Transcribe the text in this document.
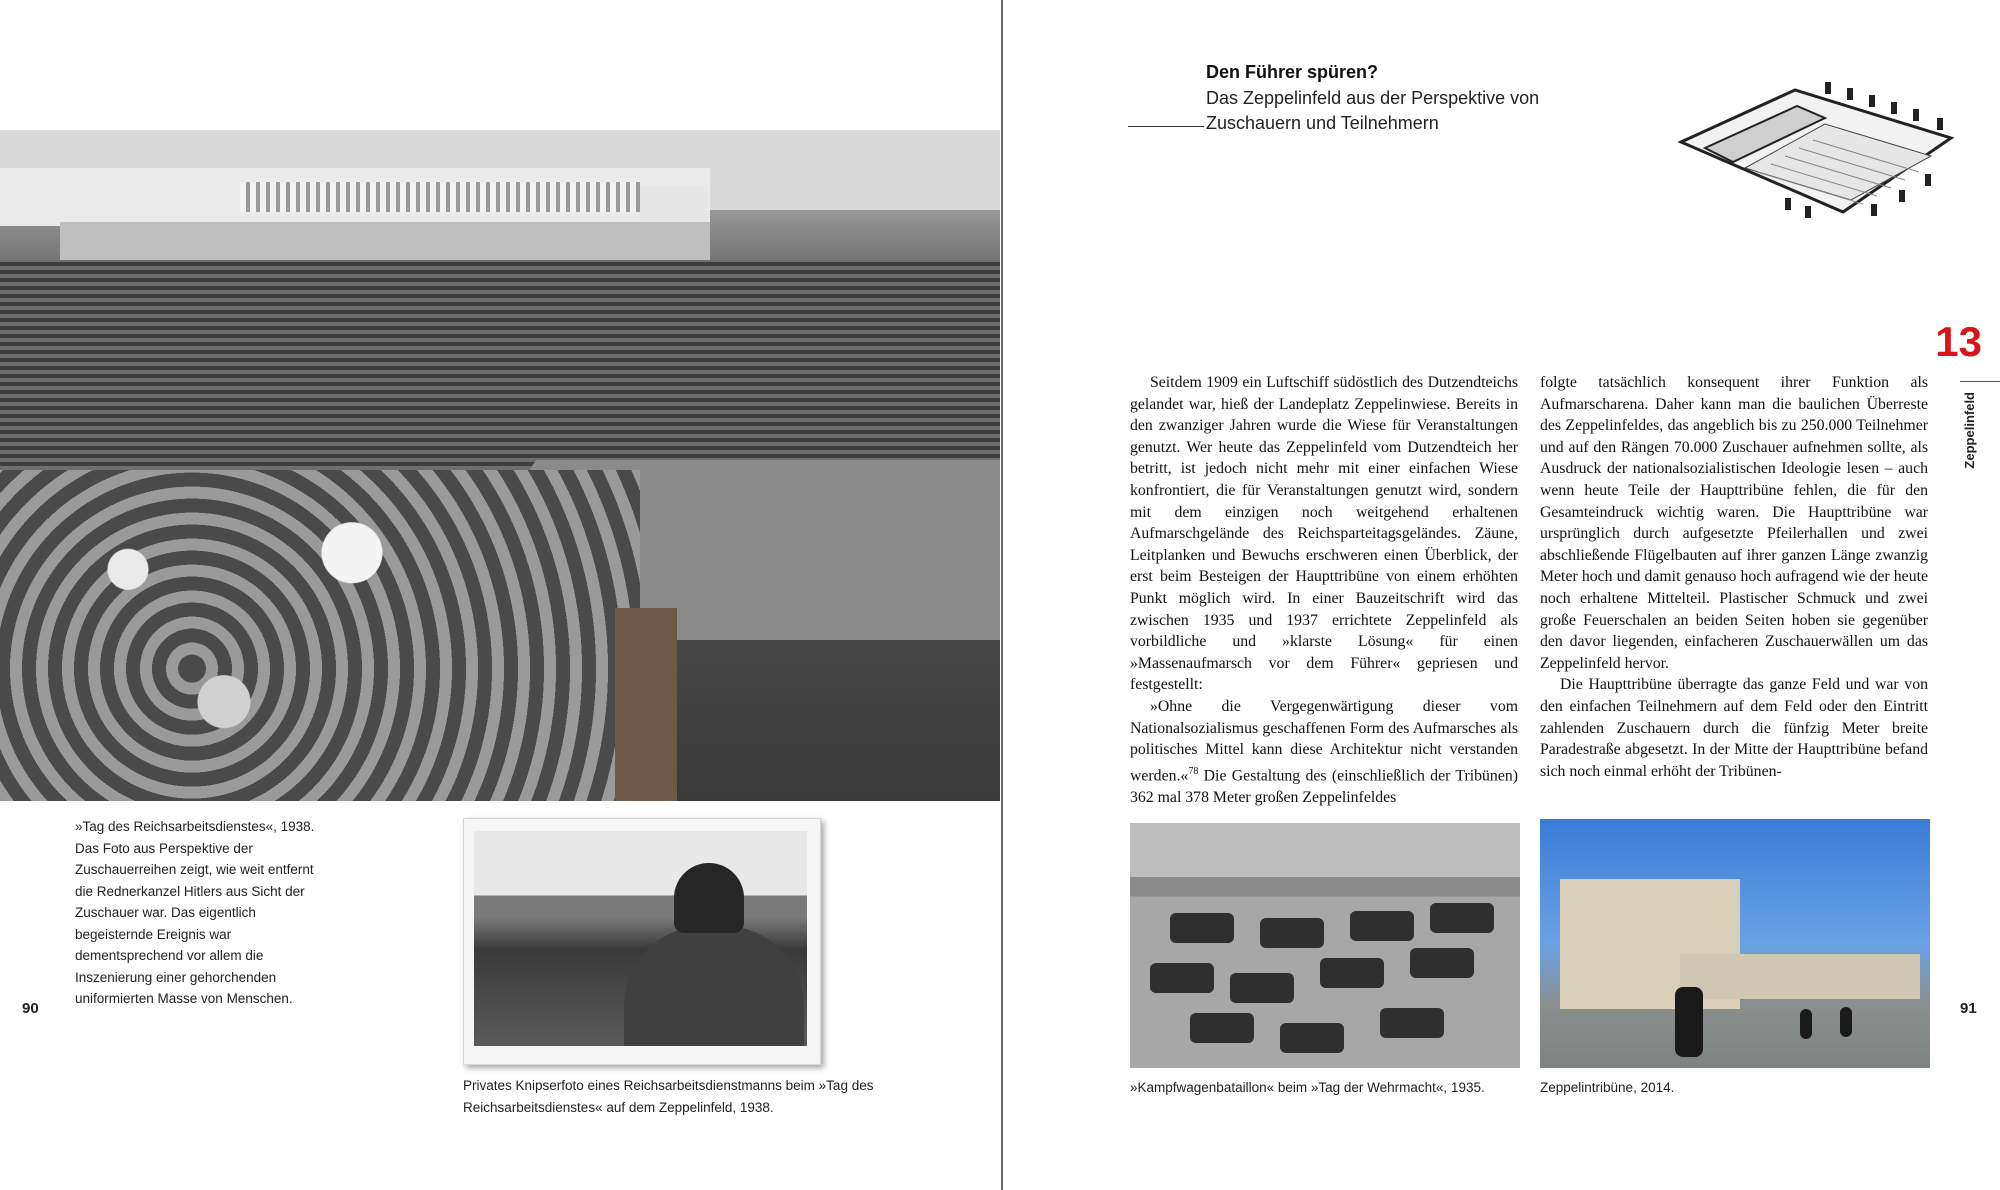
»Tag des Reichsarbeitsdienstes«, 1938. Das Foto aus Perspektive der Zuschauerreihen zeigt, wie weit entfernt die Rednerkanzel Hitlers aus Sicht der Zuschauer war. Das eigentlich begeisternde Ereignis war dementsprechend vor allem die Inszenierung einer gehorchenden uniformierten Masse von Menschen.
Privates Knipserfoto eines Reichsarbeitsdienstmanns beim »Tag des Reichsarbeitsdienstes« auf dem Zeppelinfeld, 1938.
90
Den Führer spüren?
Das Zeppelinfeld aus der Perspektive von Zuschauern und Teilnehmern
13
Zeppelinfeld

Seitdem 1909 ein Luftschiff südöstlich des Dutzendteichs gelandet war, hieß der Landeplatz Zeppelinwiese. Bereits in den zwanziger Jahren wurde die Wiese für Veranstaltungen genutzt. Wer heute das Zeppelinfeld vom Dutzendteich her betritt, ist jedoch nicht mehr mit einer einfachen Wiese konfrontiert, die für Veranstaltungen genutzt wird, sondern mit dem einzigen noch weitgehend erhaltenen Aufmarschgelände des Reichsparteitagsgeländes. Zäune, Leitplanken und Bewuchs erschweren einen Überblick, der erst beim Besteigen der Haupttribüne von einem erhöhten Punkt möglich wird. In einer Bauzeitschrift wird das zwischen 1935 und 1937 errichtete Zeppelinfeld als vorbildliche und »klarste Lösung« für einen »Massenaufmarsch vor dem Führer« gepriesen und festgestellt:

»Ohne die Vergegenwärtigung dieser vom Nationalsozialismus geschaffenen Form des Aufmarsches als politisches Mittel kann diese Architektur nicht verstanden werden.«$^{78}$ Die Gestaltung des (einschließlich der Tribünen) 362 mal 378 Meter großen Zeppelinfeldes

folgte tatsächlich konsequent ihrer Funktion als Aufmarscharena. Daher kann man die baulichen Überreste des Zeppelinfeldes, das angeblich bis zu 250.000 Teilnehmer und auf den Rängen 70.000 Zuschauer aufnehmen sollte, als Ausdruck der nationalsozialistischen Ideologie lesen – auch wenn heute Teile der Haupttribüne fehlen, die für den Gesamteindruck wichtig waren. Die Haupttribüne war ursprünglich durch aufgesetzte Pfeilerhallen und zwei abschließende Flügelbauten auf ihrer ganzen Länge zwanzig Meter hoch und damit genauso hoch aufragend wie der heute noch erhaltene Mittelteil. Plastischer Schmuck und zwei große Feuerschalen an beiden Seiten hoben sie gegenüber den davor liegenden, einfacheren Zuschauerwällen um das Zeppelinfeld hervor.

Die Haupttribüne überragte das ganze Feld und war von den einfachen Teilnehmern auf dem Feld oder den Eintritt zahlenden Zuschauern durch die fünfzig Meter breite Paradestraße abgesetzt. In der Mitte der Haupttribüne befand sich noch einmal erhöht der Tribünen-

»Kampfwagenbataillon« beim »Tag der Wehrmacht«, 1935.	Zeppelintribüne, 2014.
91
